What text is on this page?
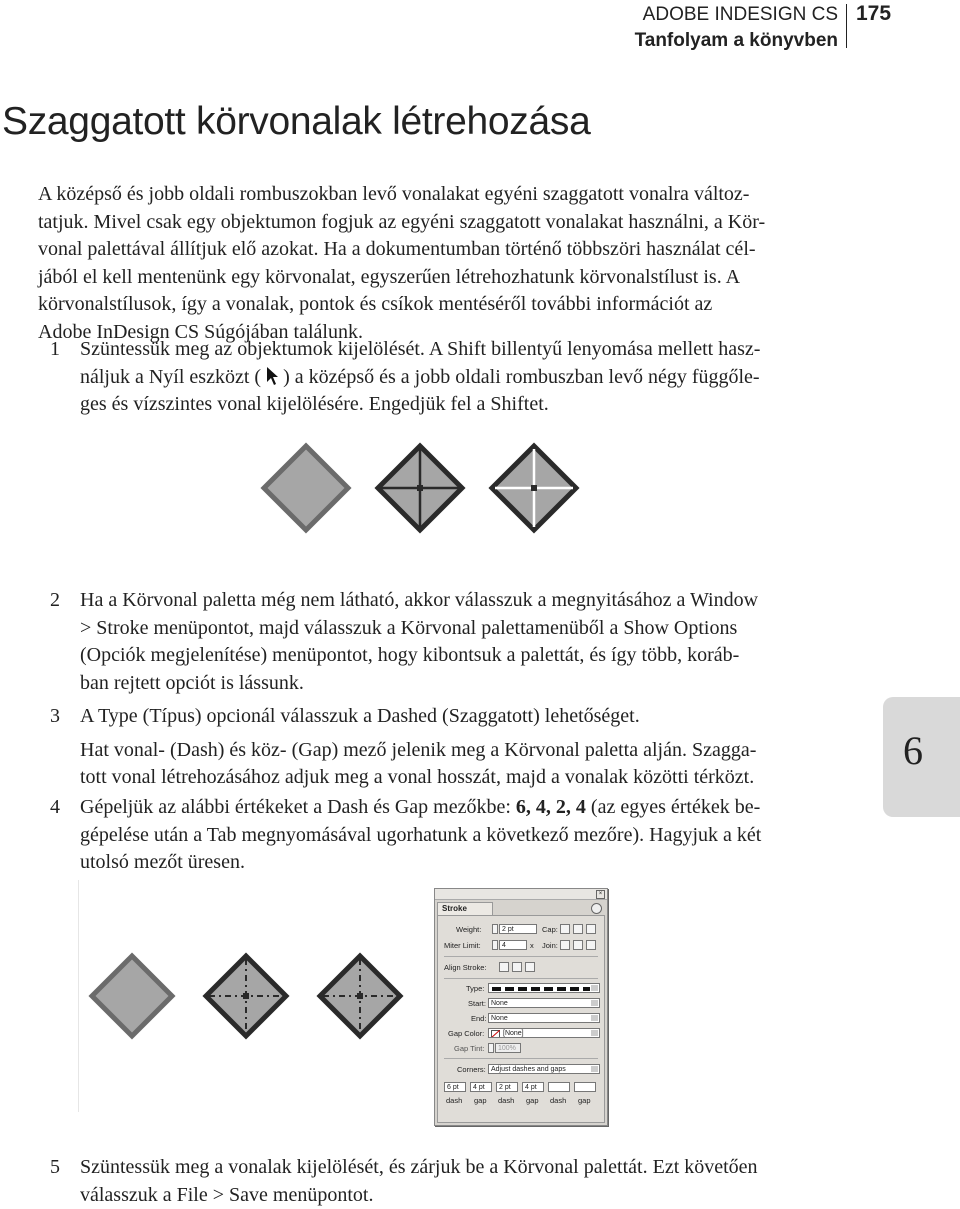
ADOBE INDESIGN CS
Tanfolyam a könyvben
175
Szaggatott körvonalak létrehozása
A középső és jobb oldali rombuszokban levő vonalakat egyéni szaggatott vonalra változ-
tatjuk. Mivel csak egy objektumon fogjuk az egyéni szaggatott vonalakat használni, a Kör-
vonal palettával állítjuk elő azokat. Ha a dokumentumban történő többszöri használat cél-
jából el kell mentenünk egy körvonalat, egyszerűen létrehozhatunk körvonalstílust is. A
körvonalstílusok, így a vonalak, pontok és csíkok mentéséről további információt az
Adobe InDesign CS Súgójában találunk.
1 Szüntessük meg az objektumok kijelölését. A Shift billentyű lenyomása mellett hasz-
náljuk a Nyíl eszközt ( ) a középső és a jobb oldali rombuszban levő négy függőle-
ges és vízszintes vonal kijelölésére. Engedjük fel a Shiftet.
2 Ha a Körvonal paletta még nem látható, akkor válasszuk a megnyitásához a Window
> Stroke menüpontot, majd válasszuk a Körvonal palettamenüből a Show Options
(Opciók megjelenítése) menüpontot, hogy kibontsuk a palettát, és így több, koráb-
ban rejtett opciót is lássunk.
3 A Type (Típus) opcionál válasszuk a Dashed (Szaggatott) lehetőséget.
Hat vonal- (Dash) és köz- (Gap) mező jelenik meg a Körvonal paletta alján. Szagga-
tott vonal létrehozásához adjuk meg a vonal hosszát, majd a vonalak közötti térközt.
4 Gépeljük az alábbi értékeket a Dash és Gap mezőkbe: 6, 4, 2, 4 (az egyes értékek be-
gépelése után a Tab megnyomásával ugorhatunk a következő mezőre). Hagyjuk a két
utolsó mezőt üresen.
6
×
Stroke
Weight:	2 pt	Cap:
Miter Limit:	4	x Join:
Align Stroke:
Type:
Start: None
End: None
Gap Color:	[None]
Gap Tint:	100%
Corners: Adjust dashes and gaps
6 pt	4 pt	2 pt	4 pt
dash gap dash gap dash gap
5 Szüntessük meg a vonalak kijelölését, és zárjuk be a Körvonal palettát. Ezt követően
válasszuk a File > Save menüpontot.
